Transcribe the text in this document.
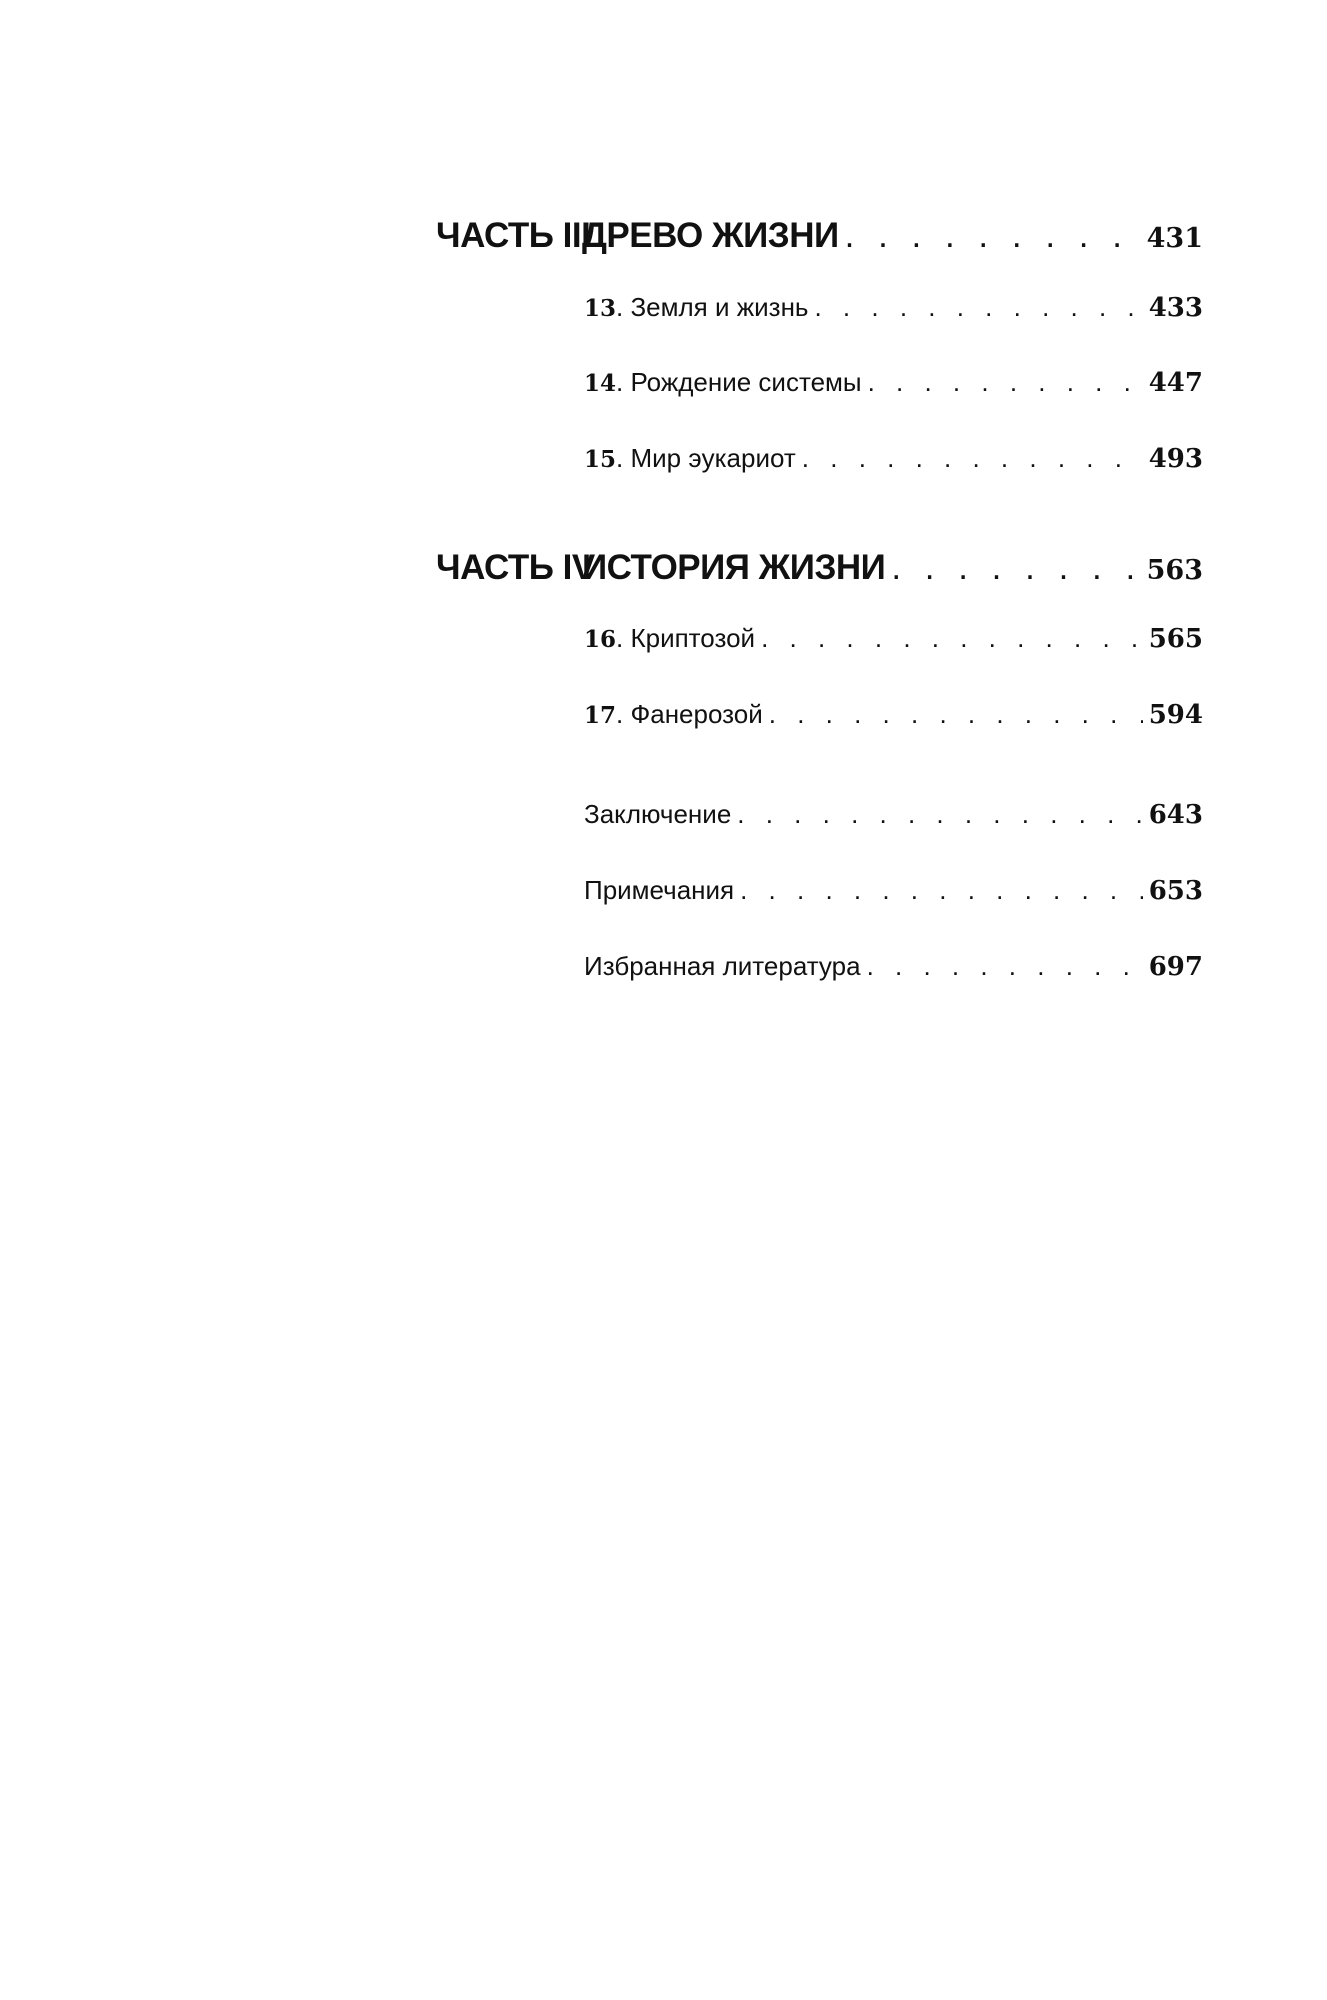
ЧАСТЬ IIIДРЕВО ЖИЗНИ . . .	431
13. Земля и жизнь . . .	433
14. Рождение системы . . .	447
15. Мир эукариот . . .	493
ЧАСТЬ IVИСТОРИЯ ЖИЗНИ . . .	563
16. Криптозой . . .	565
17. Фанерозой . . .	594
Заключение . . .	643
Примечания . . .	653
Избранная литература . . .	697
